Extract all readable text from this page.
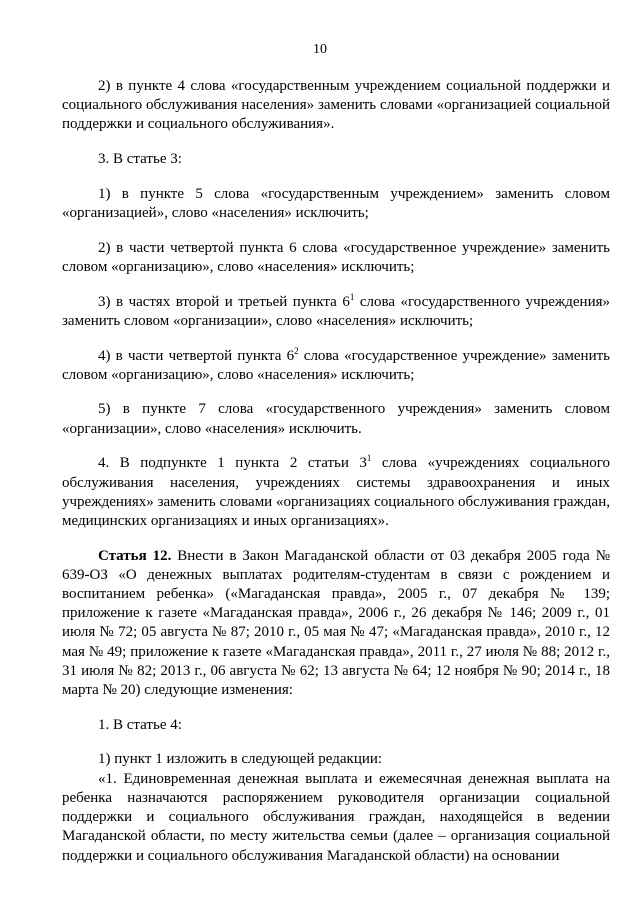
10

2) в пункте 4 слова «государственным учреждением социальной поддержки и социального обслуживания населения» заменить словами «организацией социальной поддержки и социального обслуживания».

3. В статье 3:

1) в пункте 5 слова «государственным учреждением» заменить словом «организацией», слово «населения» исключить;

2) в части четвертой пункта 6 слова «государственное учреждение» заменить словом «организацию», слово «населения» исключить;

3) в частях второй и третьей пункта $6^1$ слова «государственного учреждения» заменить словом «организации», слово «населения» исключить;

4) в части четвертой пункта $6^2$ слова «государственное учреждение» заменить словом «организацию», слово «населения» исключить;

5) в пункте 7 слова «государственного учреждения» заменить словом «организации», слово «населения» исключить.

4. В подпункте 1 пункта 2 статьи $3^1$ слова «учреждениях социального обслуживания населения, учреждениях системы здравоохранения и иных учреждениях» заменить словами «организациях социального обслуживания граждан, медицинских организациях и иных организациях».

Статья 12. Внести в Закон Магаданской области от 03 декабря 2005 года № 639-ОЗ «О денежных выплатах родителям-студентам в связи с рождением и воспитанием ребенка» («Магаданская правда», 2005 г., 07 декабря № 139; приложение к газете «Магаданская правда», 2006 г., 26 декабря № 146; 2009 г., 01 июля № 72; 05 августа № 87; 2010 г., 05 мая № 47; «Магаданская правда», 2010 г., 12 мая № 49; приложение к газете «Магаданская правда», 2011 г., 27 июля № 88; 2012 г., 31 июля № 82; 2013 г., 06 августа № 62; 13 августа № 64; 12 ноября № 90; 2014 г., 18 марта № 20) следующие изменения:

1. В статье 4:

1) пункт 1 изложить в следующей редакции:

«1. Единовременная денежная выплата и ежемесячная денежная выплата на ребенка назначаются распоряжением руководителя организации социальной поддержки и социального обслуживания граждан, находящейся в ведении Магаданской области, по месту жительства семьи (далее – организация социальной поддержки и социального обслуживания Магаданской области) на основании
